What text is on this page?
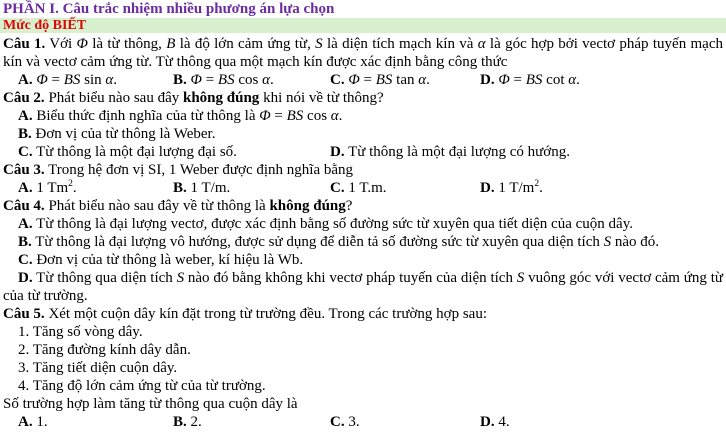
PHẦN I. Câu trắc nhiệm nhiều phương án lựa chọn
Mức độ BIẾT
Câu 1. Với Φ là từ thông, B là độ lớn cảm ứng từ, S là diện tích mạch kín và α là góc hợp bởi vectơ pháp tuyến mạch kín và vectơ cảm ứng từ. Từ thông qua một mạch kín được xác định bằng công thức
A. Φ = BS sin α.	B. Φ = BS cos α.	C. Φ = BS tan α.	D. Φ = BS cot α.
Câu 2. Phát biểu nào sau đây không đúng khi nói về từ thông?
A. Biểu thức định nghĩa của từ thông là Φ = BS cos α.
B. Đơn vị của từ thông là Weber.
C. Từ thông là một đại lượng đại số.	D. Từ thông là một đại lượng có hướng.
Câu 3. Trong hệ đơn vị SI, 1 Weber được định nghĩa bằng
A. 1 Tm$^2$.	B. 1 T/m.	C. 1 T.m.	D. 1 $T/m^2$.
Câu 4. Phát biểu nào sau đây về từ thông là không đúng?
A. Từ thông là đại lượng vectơ, được xác định bằng số đường sức từ xuyên qua tiết diện của cuộn dây.
B. Từ thông là đại lượng vô hướng, được sử dụng để diễn tả số đường sức từ xuyên qua diện tích S nào đó.
C. Đơn vị của từ thông là weber, kí hiệu là Wb.
D. Từ thông qua diện tích S nào đó bằng không khi vectơ pháp tuyến của diện tích S vuông góc với vectơ cảm ứng từ của từ trường.
Câu 5. Xét một cuộn dây kín đặt trong từ trường đều. Trong các trường hợp sau:
1. Tăng số vòng dây.
2. Tăng đường kính dây dẫn.
3. Tăng tiết diện cuộn dây.
4. Tăng độ lớn cảm ứng từ của từ trường.
Số trường hợp làm tăng từ thông qua cuộn dây là
A. 1.	B. 2.	C. 3.	D. 4.
